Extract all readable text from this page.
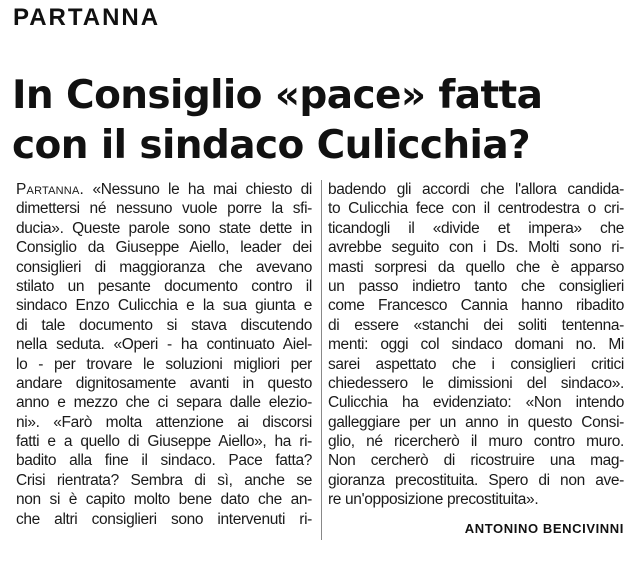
PARTANNA
In Consiglio «pace» fatta
con il sindaco Culicchia?
Partanna. «Nessuno le ha mai chiesto di
dimettersi né nessuno vuole porre la sfi-
ducia». Queste parole sono state dette in
Consiglio da Giuseppe Aiello, leader dei
consiglieri di maggioranza che avevano
stilato un pesante documento contro il
sindaco Enzo Culicchia e la sua giunta e
di tale documento si stava discutendo
nella seduta. «Operi - ha continuato Aiel-
lo - per trovare le soluzioni migliori per
andare dignitosamente avanti in questo
anno e mezzo che ci separa dalle elezio-
ni». «Farò molta attenzione ai discorsi
fatti e a quello di Giuseppe Aiello», ha ri-
badito alla fine il sindaco. Pace fatta?
Crisi rientrata? Sembra di sì, anche se
non si è capito molto bene dato che an-
che altri consiglieri sono intervenuti ri-
badendo gli accordi che l'allora candida-
to Culicchia fece con il centrodestra o cri-
ticandogli il «divide et impera» che
avrebbe seguito con i Ds. Molti sono ri-
masti sorpresi da quello che è apparso
un passo indietro tanto che consiglieri
come Francesco Cannia hanno ribadito
di essere «stanchi dei soliti tentenna-
menti: oggi col sindaco domani no. Mi
sarei aspettato che i consiglieri critici
chiedessero le dimissioni del sindaco».
Culicchia ha evidenziato: «Non intendo
galleggiare per un anno in questo Consi-
glio, né ricercherò il muro contro muro.
Non cercherò di ricostruire una mag-
gioranza precostituita. Spero di non ave-
re un'opposizione precostituita».
ANTONINO BENCIVINNI
